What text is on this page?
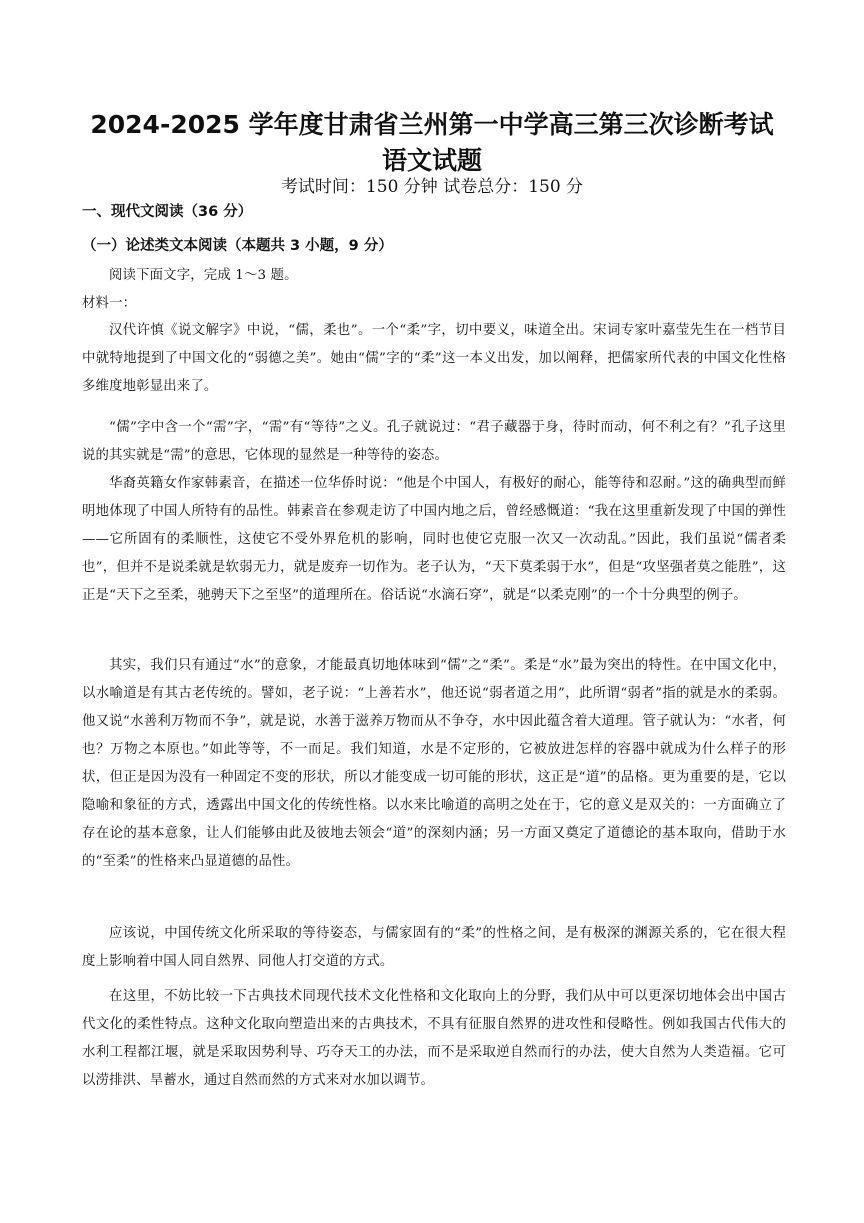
2024-2025 学年度甘肃省兰州第一中学高三第三次诊断考试
语文试题
考试时间：150 分钟 试卷总分：150 分
一、现代文阅读（36 分）
（一）论述类文本阅读（本题共 3 小题，9 分）
阅读下面文字，完成 1～3 题。
材料一：
汉代许慎《说文解字》中说，“儒，柔也”。一个“柔”字，切中要义，味道全出。宋词专家叶嘉莹先生在一档节目中就特地提到了中国文化的“弱德之美”。她由“儒”字的“柔”这一本义出发，加以阐释，把儒家所代表的中国文化性格多维度地彰显出来了。
“儒”字中含一个“需”字，“需”有“等待”之义。孔子就说过：“君子藏器于身，待时而动，何不利之有？”孔子这里说的其实就是“需”的意思，它体现的显然是一种等待的姿态。
华裔英籍女作家韩素音，在描述一位华侨时说：“他是个中国人，有极好的耐心，能等待和忍耐。”这的确典型而鲜明地体现了中国人所特有的品性。韩素音在参观走访了中国内地之后，曾经感慨道：“我在这里重新发现了中国的弹性——它所固有的柔顺性，这使它不受外界危机的影响，同时也使它克服一次又一次动乱。”因此，我们虽说“儒者柔也”，但并不是说柔就是软弱无力，就是废弃一切作为。老子认为，“天下莫柔弱于水”，但是“攻坚强者莫之能胜”，这正是“天下之至柔，驰骋天下之至坚”的道理所在。俗话说“水滴石穿”，就是“以柔克刚”的一个十分典型的例子。
其实，我们只有通过“水”的意象，才能最真切地体味到“儒”之“柔”。柔是“水”最为突出的特性。在中国文化中，以水喻道是有其古老传统的。譬如，老子说：“上善若水”，他还说“弱者道之用”，此所谓“弱者”指的就是水的柔弱。他又说“水善利万物而不争”，就是说，水善于滋养万物而从不争夺，水中因此蕴含着大道理。管子就认为：“水者，何也？万物之本原也。”如此等等，不一而足。我们知道，水是不定形的，它被放进怎样的容器中就成为什么样子的形状，但正是因为没有一种固定不变的形状，所以才能变成一切可能的形状，这正是“道”的品格。更为重要的是，它以隐喻和象征的方式，透露出中国文化的传统性格。以水来比喻道的高明之处在于，它的意义是双关的：一方面确立了存在论的基本意象，让人们能够由此及彼地去领会“道”的深刻内涵；另一方面又奠定了道德论的基本取向，借助于水的“至柔”的性格来凸显道德的品性。
应该说，中国传统文化所采取的等待姿态，与儒家固有的“柔”的性格之间，是有极深的渊源关系的，它在很大程度上影响着中国人同自然界、同他人打交道的方式。
在这里，不妨比较一下古典技术同现代技术文化性格和文化取向上的分野，我们从中可以更深切地体会出中国古代文化的柔性特点。这种文化取向塑造出来的古典技术，不具有征服自然界的进攻性和侵略性。例如我国古代伟大的水利工程都江堰，就是采取因势利导、巧夺天工的办法，而不是采取逆自然而行的办法，使大自然为人类造福。它可以涝排洪、旱蓄水，通过自然而然的方式来对水加以调节。
